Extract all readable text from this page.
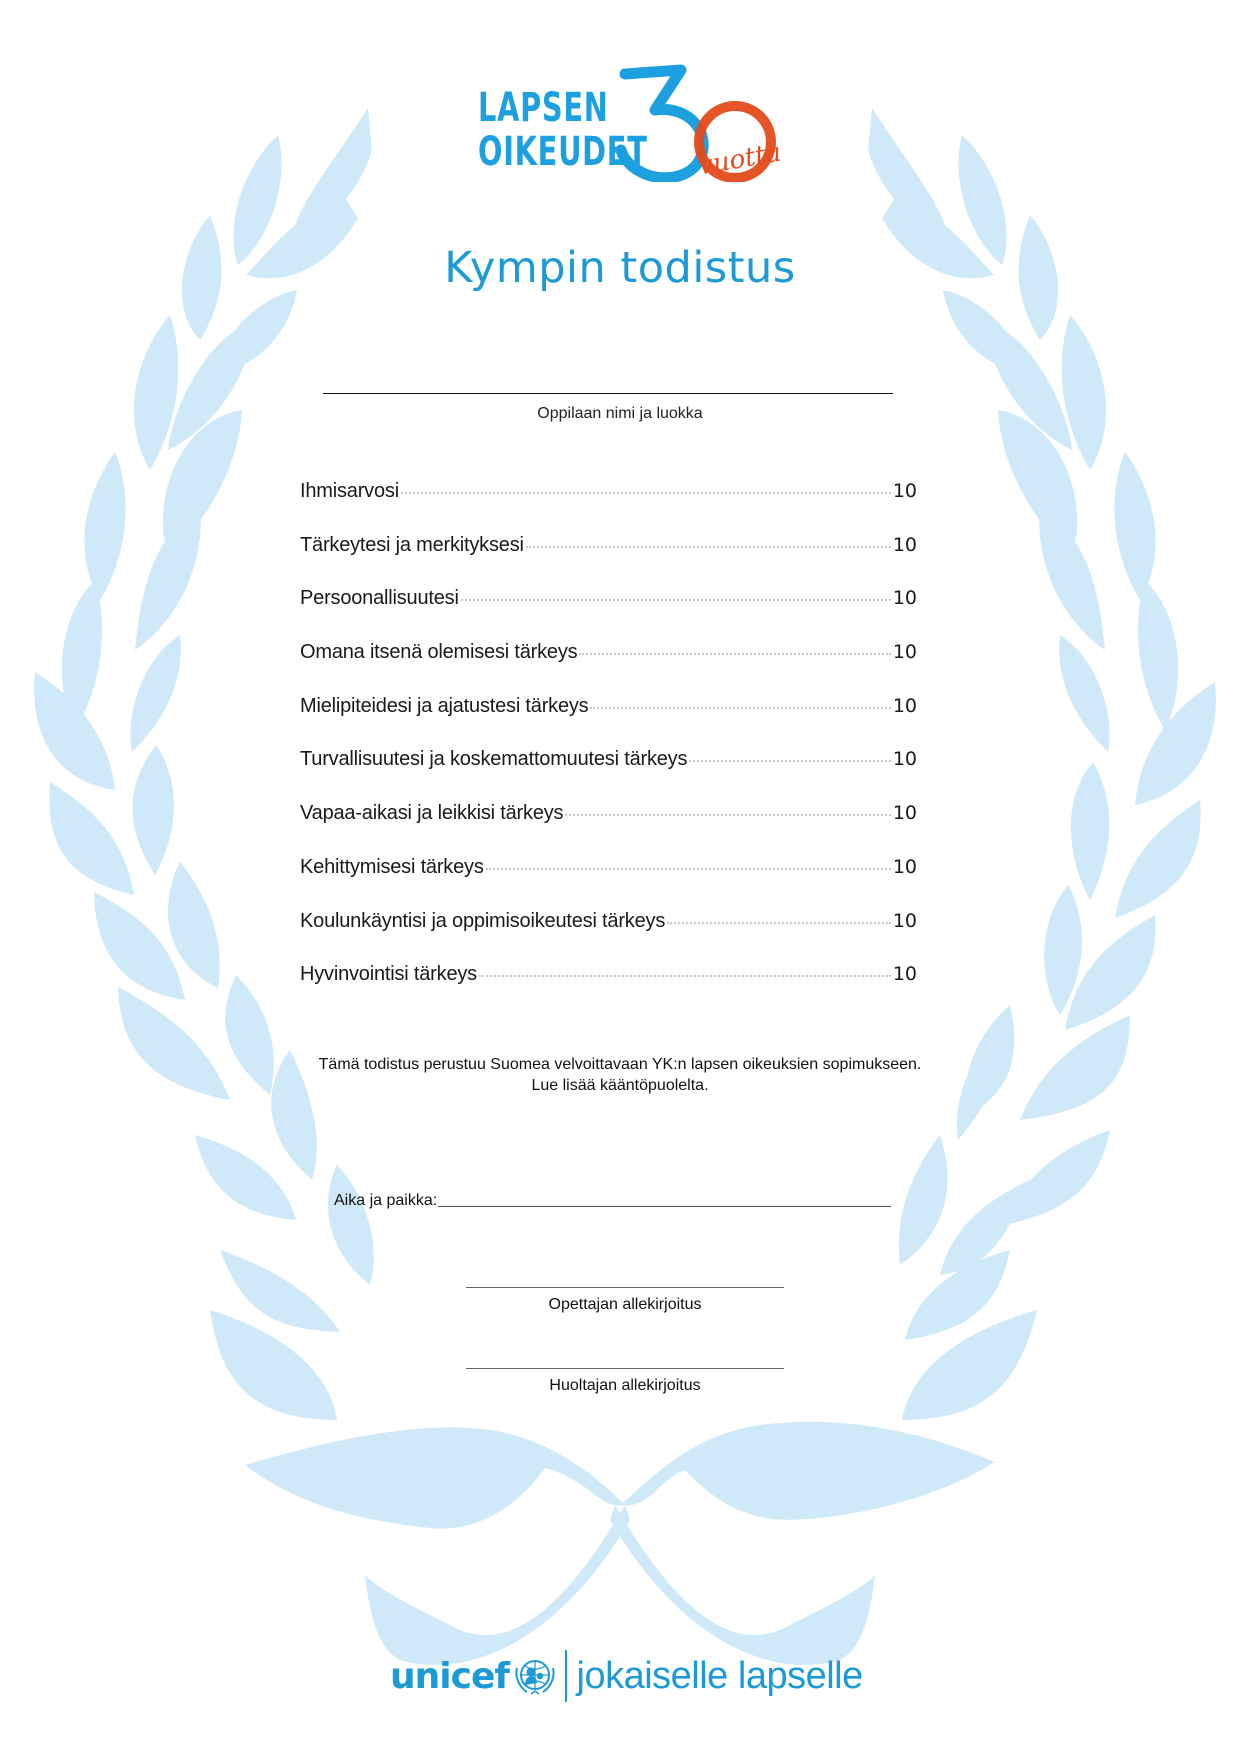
LAPSEN
OIKEUDET vuotta
Kympin todistus
Oppilaan nimi ja luokka
Ihmisarvosi	10
Tärkeytesi ja merkityksesi	10
Persoonallisuutesi	10
Omana itsenä olemisesi tärkeys	10
Mielipiteidesi ja ajatustesi tärkeys	10
Turvallisuutesi ja koskemattomuutesi tärkeys	10
Vapaa-aikasi ja leikkisi tärkeys	10
Kehittymisesi tärkeys	10
Koulunkäyntisi ja oppimisoikeutesi tärkeys	10
Hyvinvointisi tärkeys	10
Tämä todistus perustuu Suomea velvoittavaan YK:n lapsen oikeuksien sopimukseen.
Lue lisää kääntöpuolelta.
Aika ja paikka:
Opettajan allekirjoitus
Huoltajan allekirjoitus
unicef jokaiselle lapselle
